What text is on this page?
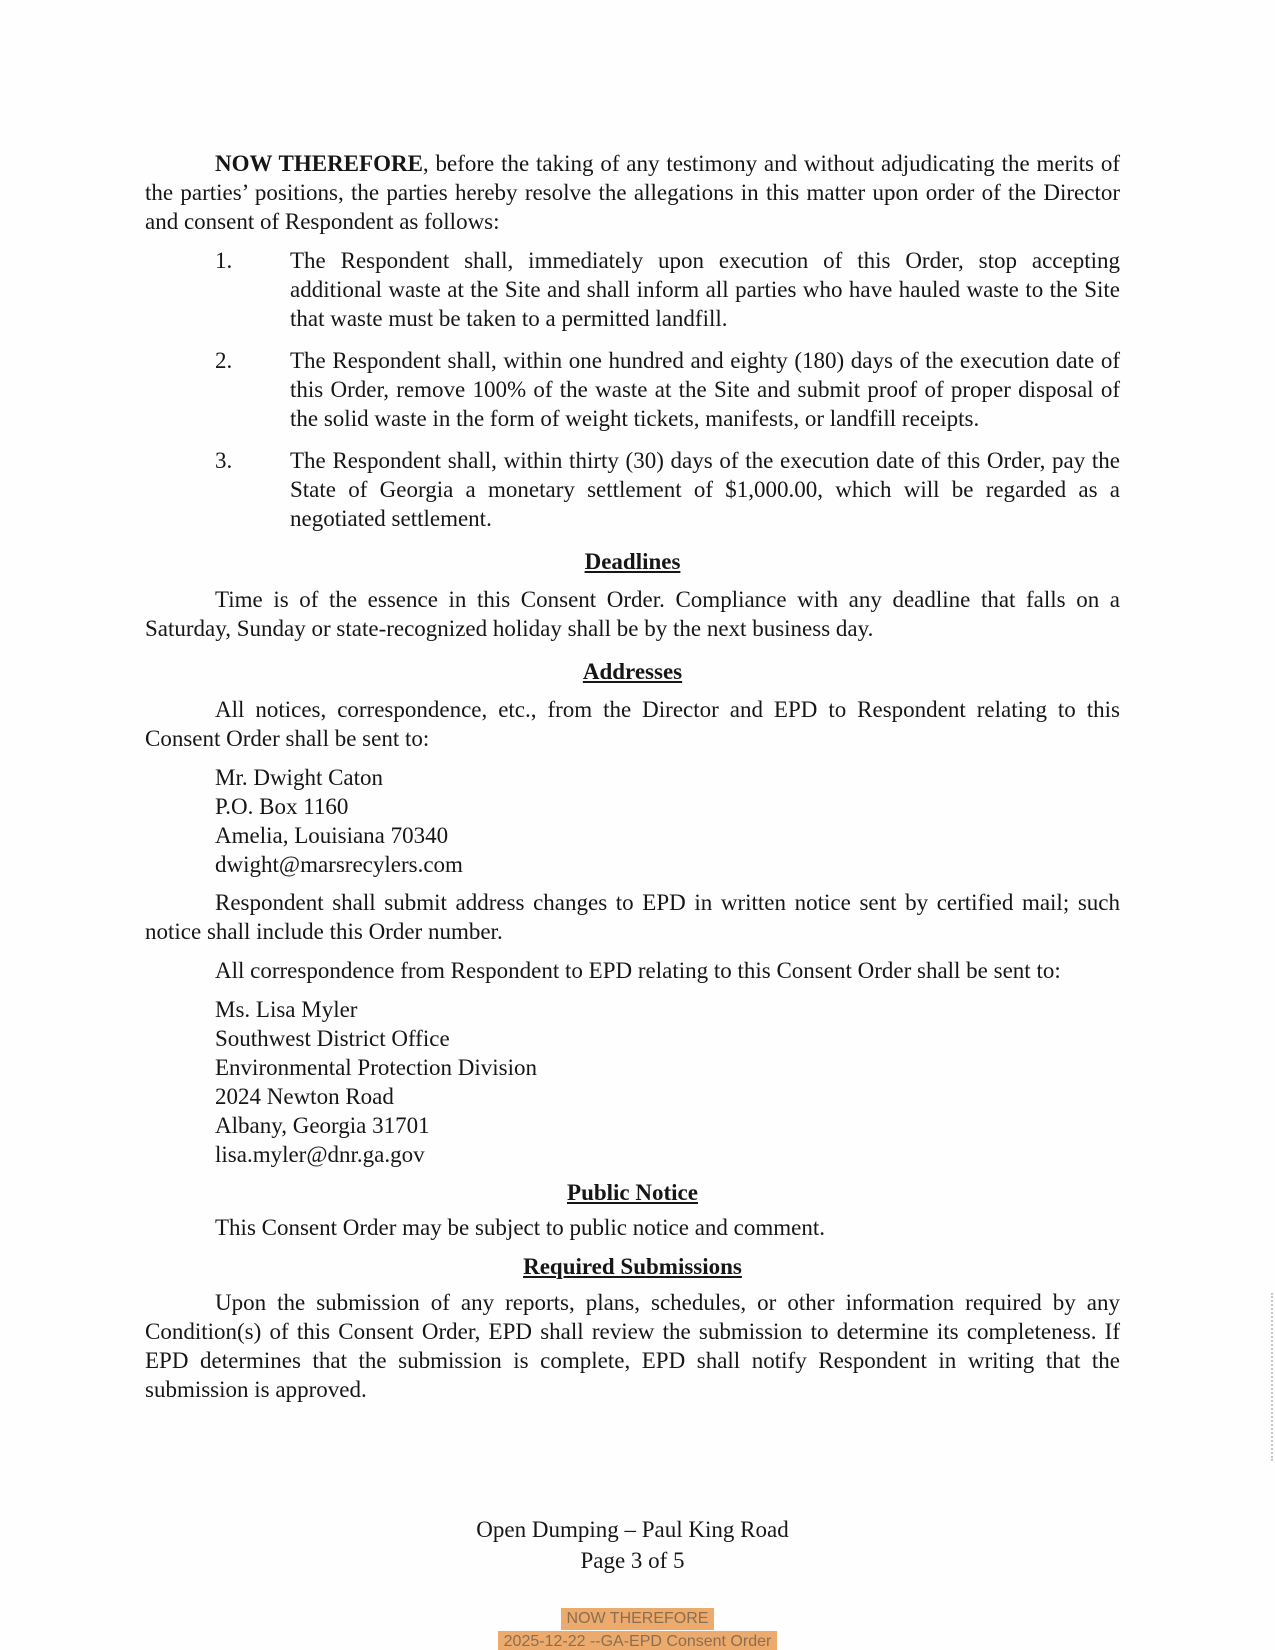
NOW THEREFORE, before the taking of any testimony and without adjudicating the merits of the parties’ positions, the parties hereby resolve the allegations in this matter upon order of the Director and consent of Respondent as follows:

1.	The Respondent shall, immediately upon execution of this Order, stop accepting additional waste at the Site and shall inform all parties who have hauled waste to the Site that waste must be taken to a permitted landfill.
2.	The Respondent shall, within one hundred and eighty (180) days of the execution date of this Order, remove 100% of the waste at the Site and submit proof of proper disposal of the solid waste in the form of weight tickets, manifests, or landfill receipts.
3.	The Respondent shall, within thirty (30) days of the execution date of this Order, pay the State of Georgia a monetary settlement of $1,000.00, which will be regarded as a negotiated settlement.
Deadlines

Time is of the essence in this Consent Order. Compliance with any deadline that falls on a Saturday, Sunday or state-recognized holiday shall be by the next business day.

Addresses

All notices, correspondence, etc., from the Director and EPD to Respondent relating to this Consent Order shall be sent to:

Mr. Dwight Caton
P.O. Box 1160
Amelia, Louisiana 70340
dwight@marsrecylers.com

Respondent shall submit address changes to EPD in written notice sent by certified mail; such notice shall include this Order number.

All correspondence from Respondent to EPD relating to this Consent Order shall be sent to:

Ms. Lisa Myler
Southwest District Office
Environmental Protection Division
2024 Newton Road
Albany, Georgia 31701
lisa.myler@dnr.ga.gov
Public Notice

This Consent Order may be subject to public notice and comment.

Required Submissions

Upon the submission of any reports, plans, schedules, or other information required by any Condition(s) of this Consent Order, EPD shall review the submission to determine its completeness. If EPD determines that the submission is complete, EPD shall notify Respondent in writing that the submission is approved.

Open Dumping – Paul King Road
Page 3 of 5
NOW THEREFORE
2025-12-22 --GA-EPD Consent Order
